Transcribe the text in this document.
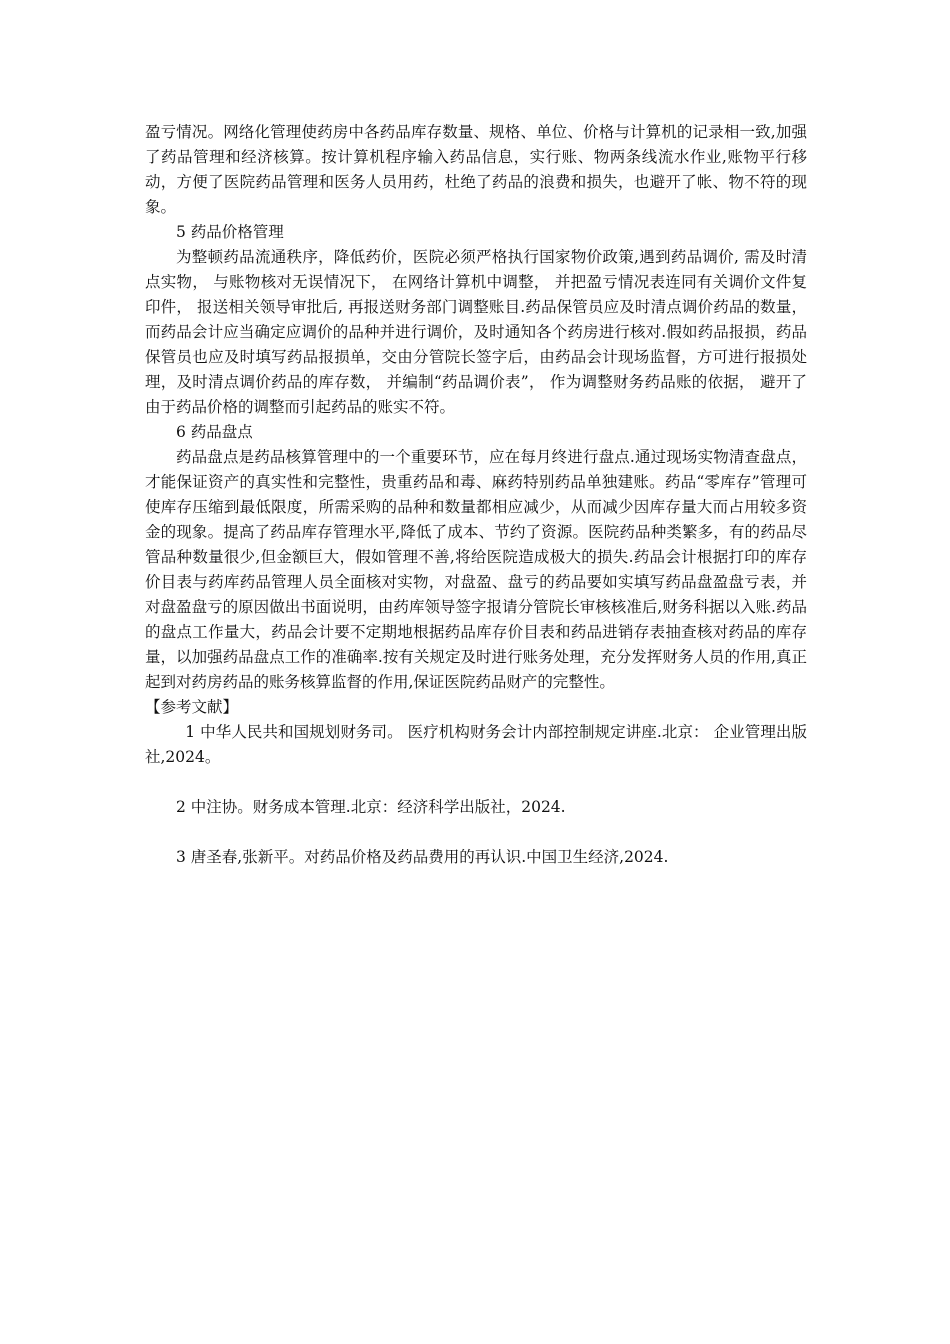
盈亏情况。网络化管理使药房中各药品库存数量、规格、单位、价格与计算机的记录相一致,加强了药品管理和经济核算。按计算机程序输入药品信息，实行账、物两条线流水作业,账物平行移动，方便了医院药品管理和医务人员用药，杜绝了药品的浪费和损失，也避开了帐、物不符的现象。

5 药品价格管理

为整顿药品流通秩序，降低药价，医院必须严格执行国家物价政策,遇到药品调价, 需及时清点实物， 与账物核对无误情况下， 在网络计算机中调整， 并把盈亏情况表连同有关调价文件复印件， 报送相关领导审批后, 再报送财务部门调整账目.药品保管员应及时清点调价药品的数量，而药品会计应当确定应调价的品种并进行调价，及时通知各个药房进行核对.假如药品报损，药品保管员也应及时填写药品报损单，交由分管院长签字后，由药品会计现场监督，方可进行报损处理，及时清点调价药品的库存数， 并编制“药品调价表”， 作为调整财务药品账的依据， 避开了由于药品价格的调整而引起药品的账实不符。

6 药品盘点

药品盘点是药品核算管理中的一个重要环节，应在每月终进行盘点.通过现场实物清查盘点，才能保证资产的真实性和完整性，贵重药品和毒、麻药特别药品单独建账。药品“零库存”管理可使库存压缩到最低限度，所需采购的品种和数量都相应减少，从而减少因库存量大而占用较多资金的现象。提高了药品库存管理水平,降低了成本、节约了资源。医院药品种类繁多，有的药品尽管品种数量很少,但金额巨大，假如管理不善,将给医院造成极大的损失.药品会计根据打印的库存价目表与药库药品管理人员全面核对实物，对盘盈、盘亏的药品要如实填写药品盘盈盘亏表，并对盘盈盘亏的原因做出书面说明，由药库领导签字报请分管院长审核核准后,财务科据以入账.药品的盘点工作量大，药品会计要不定期地根据药品库存价目表和药品进销存表抽查核对药品的库存量，以加强药品盘点工作的准确率.按有关规定及时进行账务处理，充分发挥财务人员的作用,真正起到对药房药品的账务核算监督的作用,保证医院药品财产的完整性。

【参考文献】

1 中华人民共和国规划财务司。 医疗机构财务会计内部控制规定讲座.北京： 企业管理出版社,2024。

2 中注协。财务成本管理.北京：经济科学出版社，2024.

3 唐圣春,张新平。对药品价格及药品费用的再认识.中国卫生经济,2024.
